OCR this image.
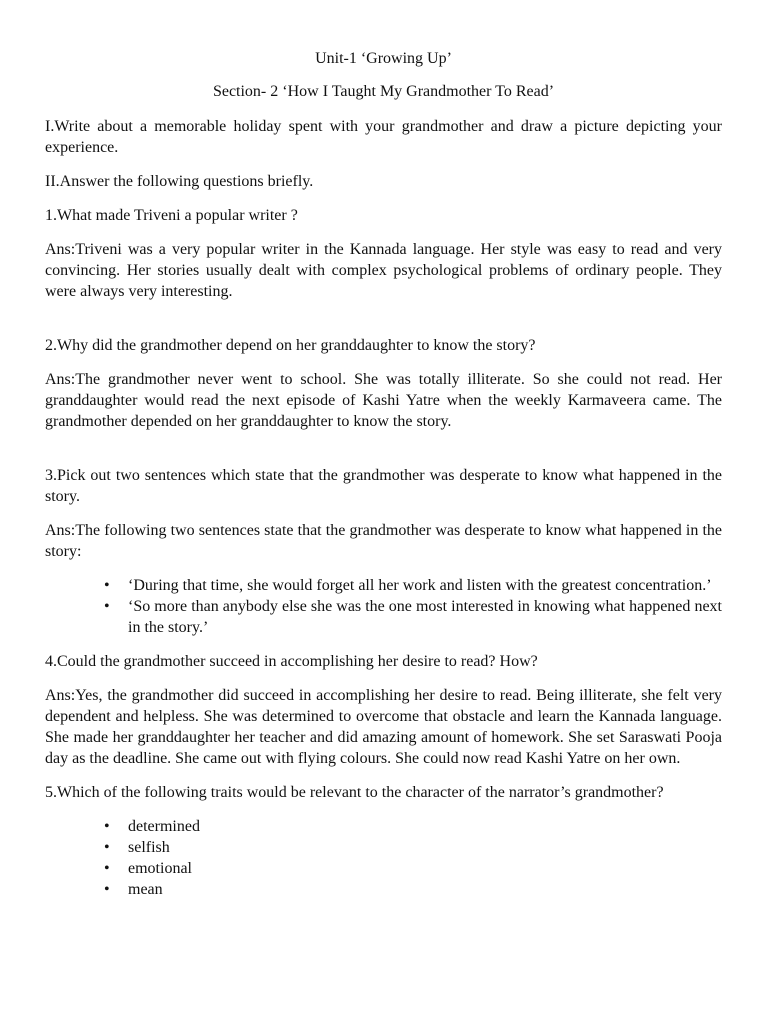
Unit-1 ‘Growing Up’
Section- 2 ‘How I Taught My Grandmother To Read’

I.Write about a memorable holiday spent with your grandmother and draw a picture depicting your experience.

II.Answer the following questions briefly.

1.What made Triveni a popular writer ?

Ans:Triveni was a very popular writer in the Kannada language. Her style was easy to read and very convincing. Her stories usually dealt with complex psychological problems of ordinary people. They were always very interesting.

2.Why did the grandmother depend on her granddaughter to know the story?

Ans:The grandmother never went to school. She was totally illiterate. So she could not read. Her granddaughter would read the next episode of Kashi Yatre when the weekly Karmaveera came. The grandmother depended on her granddaughter to know the story.

3.Pick out two sentences which state that the grandmother was desperate to know what happened in the story.

Ans:The following two sentences state that the grandmother was desperate to know what happened in the story:

• ‘During that time, she would forget all her work and listen with the greatest concentration.’
• ‘So more than anybody else she was the one most interested in knowing what happened next in the story.’

4.Could the grandmother succeed in accomplishing her desire to read? How?

Ans:Yes, the grandmother did succeed in accomplishing her desire to read. Being illiterate, she felt very dependent and helpless. She was determined to overcome that obstacle and learn the Kannada language. She made her granddaughter her teacher and did amazing amount of homework. She set Saraswati Pooja day as the deadline. She came out with flying colours. She could now read Kashi Yatre on her own.

5.Which of the following traits would be relevant to the character of the narrator’s grandmother?

• determined
• selfish
• emotional
• mean
